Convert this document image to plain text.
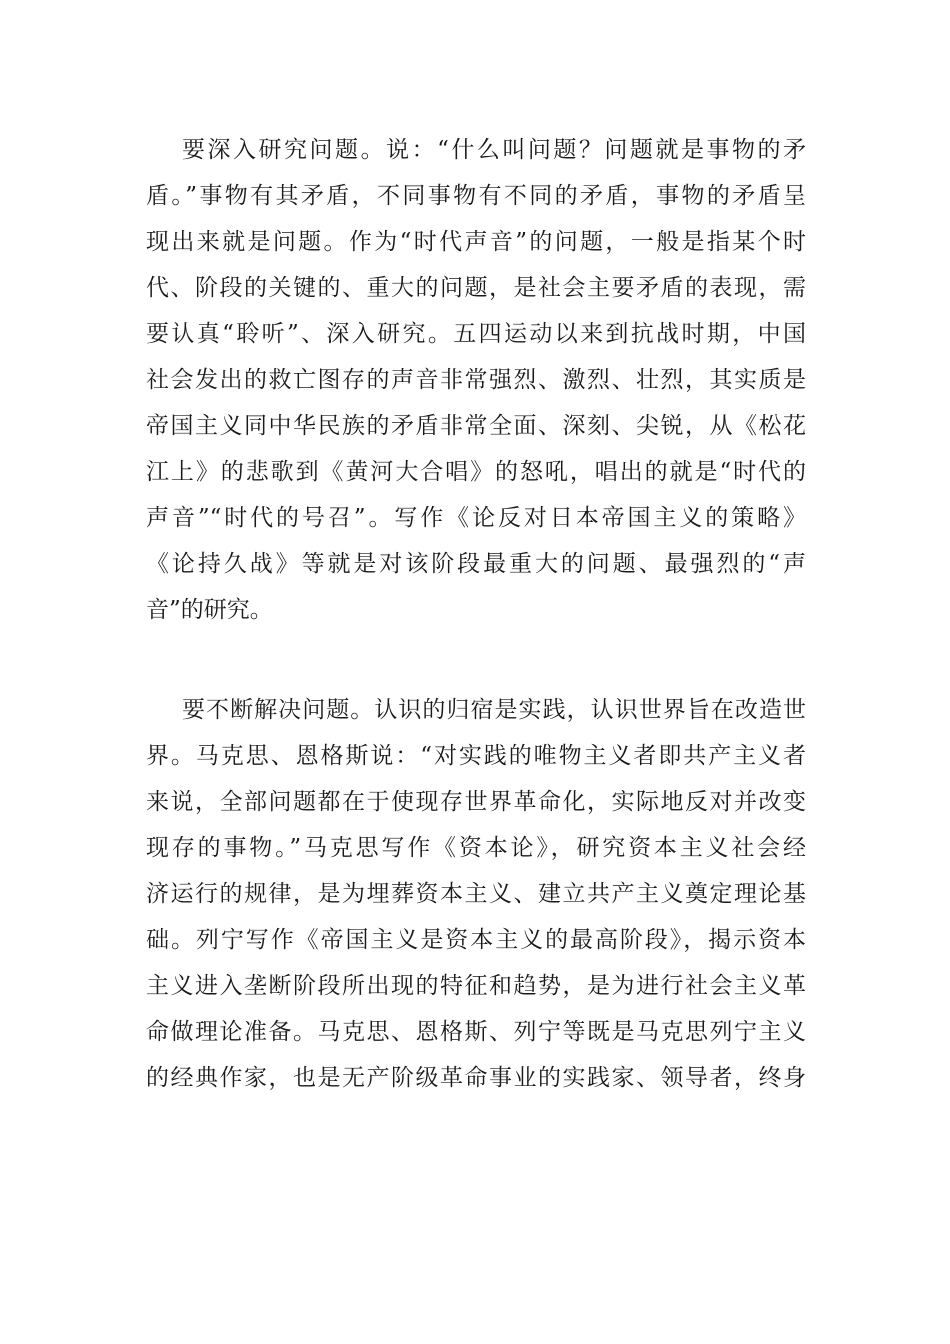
要深入研究问题。说：“什么叫问题？问题就是事物的矛
盾。”事物有其矛盾，不同事物有不同的矛盾，事物的矛盾呈
现出来就是问题。作为“时代声音”的问题，一般是指某个时
代、阶段的关键的、重大的问题，是社会主要矛盾的表现，需
要认真“聆听”、深入研究。五四运动以来到抗战时期，中国
社会发出的救亡图存的声音非常强烈、激烈、壮烈，其实质是
帝国主义同中华民族的矛盾非常全面、深刻、尖锐，从《松花
江上》的悲歌到《黄河大合唱》的怒吼，唱出的就是“时代的
声音”“时代的号召”。写作《论反对日本帝国主义的策略》
《论持久战》等就是对该阶段最重大的问题、最强烈的“声
音”的研究。
要不断解决问题。认识的归宿是实践，认识世界旨在改造世
界。马克思、恩格斯说：“对实践的唯物主义者即共产主义者
来说，全部问题都在于使现存世界革命化，实际地反对并改变
现存的事物。”马克思写作《资本论》，研究资本主义社会经
济运行的规律，是为埋葬资本主义、建立共产主义奠定理论基
础。列宁写作《帝国主义是资本主义的最高阶段》，揭示资本
主义进入垄断阶段所出现的特征和趋势，是为进行社会主义革
命做理论准备。马克思、恩格斯、列宁等既是马克思列宁主义
的经典作家，也是无产阶级革命事业的实践家、领导者，终身
